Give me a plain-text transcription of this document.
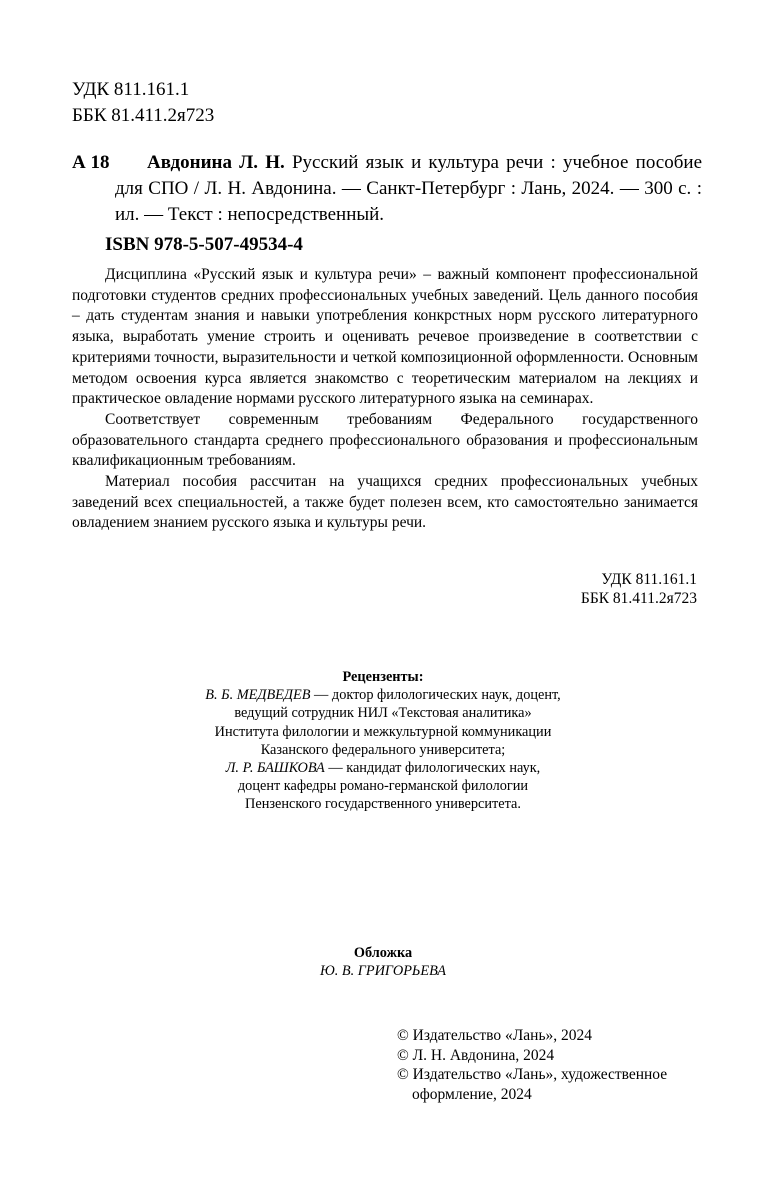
УДК 811.161.1
ББК 81.411.2я723
А 18	Авдонина Л. Н. Русский язык и культура речи : учебное пособие для СПО / Л. Н. Авдонина. — Санкт-Петербург : Лань, 2024. — 300 с. : ил. — Текст : непосредственный.
ISBN 978-5-507-49534-4

Дисциплина «Русский язык и культура речи» – важный компонент профессиональной подготовки студентов средних профессиональных учебных заведений. Цель данного пособия – дать студентам знания и навыки употребления конкрстных норм русского литературного языка, выработать умение строить и оценивать речевое произведение в соответствии с критериями точности, выразительности и четкой композиционной оформленности. Основным методом освоения курса является знакомство с теоретическим материалом на лекциях и практическое овладение нормами русского литературного языка на семинарах.

Соответствует современным требованиям Федерального государственного образовательного стандарта среднего профессионального образования и профессиональным квалификационным требованиям.

Материал пособия рассчитан на учащихся средних профессиональных учебных заведений всех специальностей, а также будет полезен всем, кто самостоятельно занимается овладением знанием русского языка и культуры речи.

УДК 811.161.1
ББК 81.411.2я723
Рецензенты:
В. Б. МЕДВЕДЕВ — доктор филологических наук, доцент,
ведущий сотрудник НИЛ «Текстовая аналитика»
Института филологии и межкультурной коммуникации
Казанского федерального университета;
Л. Р. БАШКОВА — кандидат филологических наук,
доцент кафедры романо-германской филологии
Пензенского государственного университета.
Обложка
Ю. В. ГРИГОРЬЕВА
© Издательство «Лань», 2024
© Л. Н. Авдонина, 2024
© Издательство «Лань», художественное
оформление, 2024
